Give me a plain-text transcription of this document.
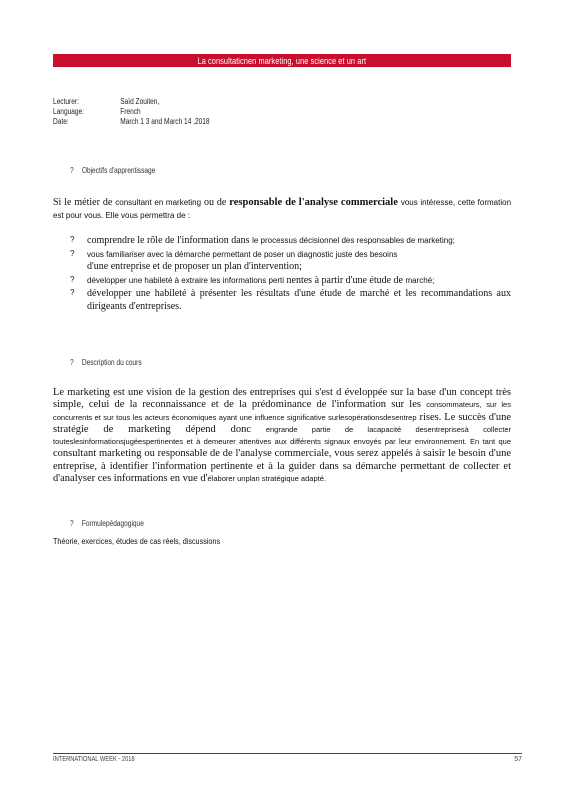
La consultaticnen marketing, une science et un art
Lecturer:	Saïd Zouiten,
Language:	French
Date:	March 1 3 and March 14 ,2018
? Objectifs d'apprentissage
Si le métier de consultant en marketing ou de responsable de l'analyse commerciale vous intéresse, cette formation est pour vous. Elle vous permettra de :
?	comprendre le rôle de l'information dans le processus décisionnel des responsables de marketing;
?	vous familiariser avec la démarche permettant de poser un diagnostic juste des besoins
d'une entreprise et de proposer un plan d'intervention;
?	développer une habileté à extraire les informations perti nentes à partir d'une étude de marché;
?	développer une habileté à présenter les résultats d'une étude de marché et les recommandations aux dirigeants d'entreprises.
? Description du cours
Le marketing est une vision de la gestion des entreprises qui s'est d éveloppée sur la base d'un concept très simple, celui de la reconnaissance et de la prédominance de l'information sur les consommateurs, sur les concurrents et sur tous les acteurs économiques ayant une influence significative surlesopérationsdesentrep rises. Le succès d'une stratégie de marketing dépend donc engrande partie de lacapacité desentreprisesà collecter touteslesinformationsjugéespertinentes et à demeurer attentives aux différents signaux envoyés par leur environnement. En tant que consultant marketing ou responsable de de l'analyse commerciale, vous serez appelés à saisir le besoin d'une entreprise, à identifier l'information pertinente et à la guider dans sa démarche permettant de collecter et d'analyser ces informations en vue d'élaborer unplan stratégique adapté.
? Formulepédagogique
Théorie, exercices, études de cas réels, discussions
INTERNATIONAL WEEK - 2018	57
